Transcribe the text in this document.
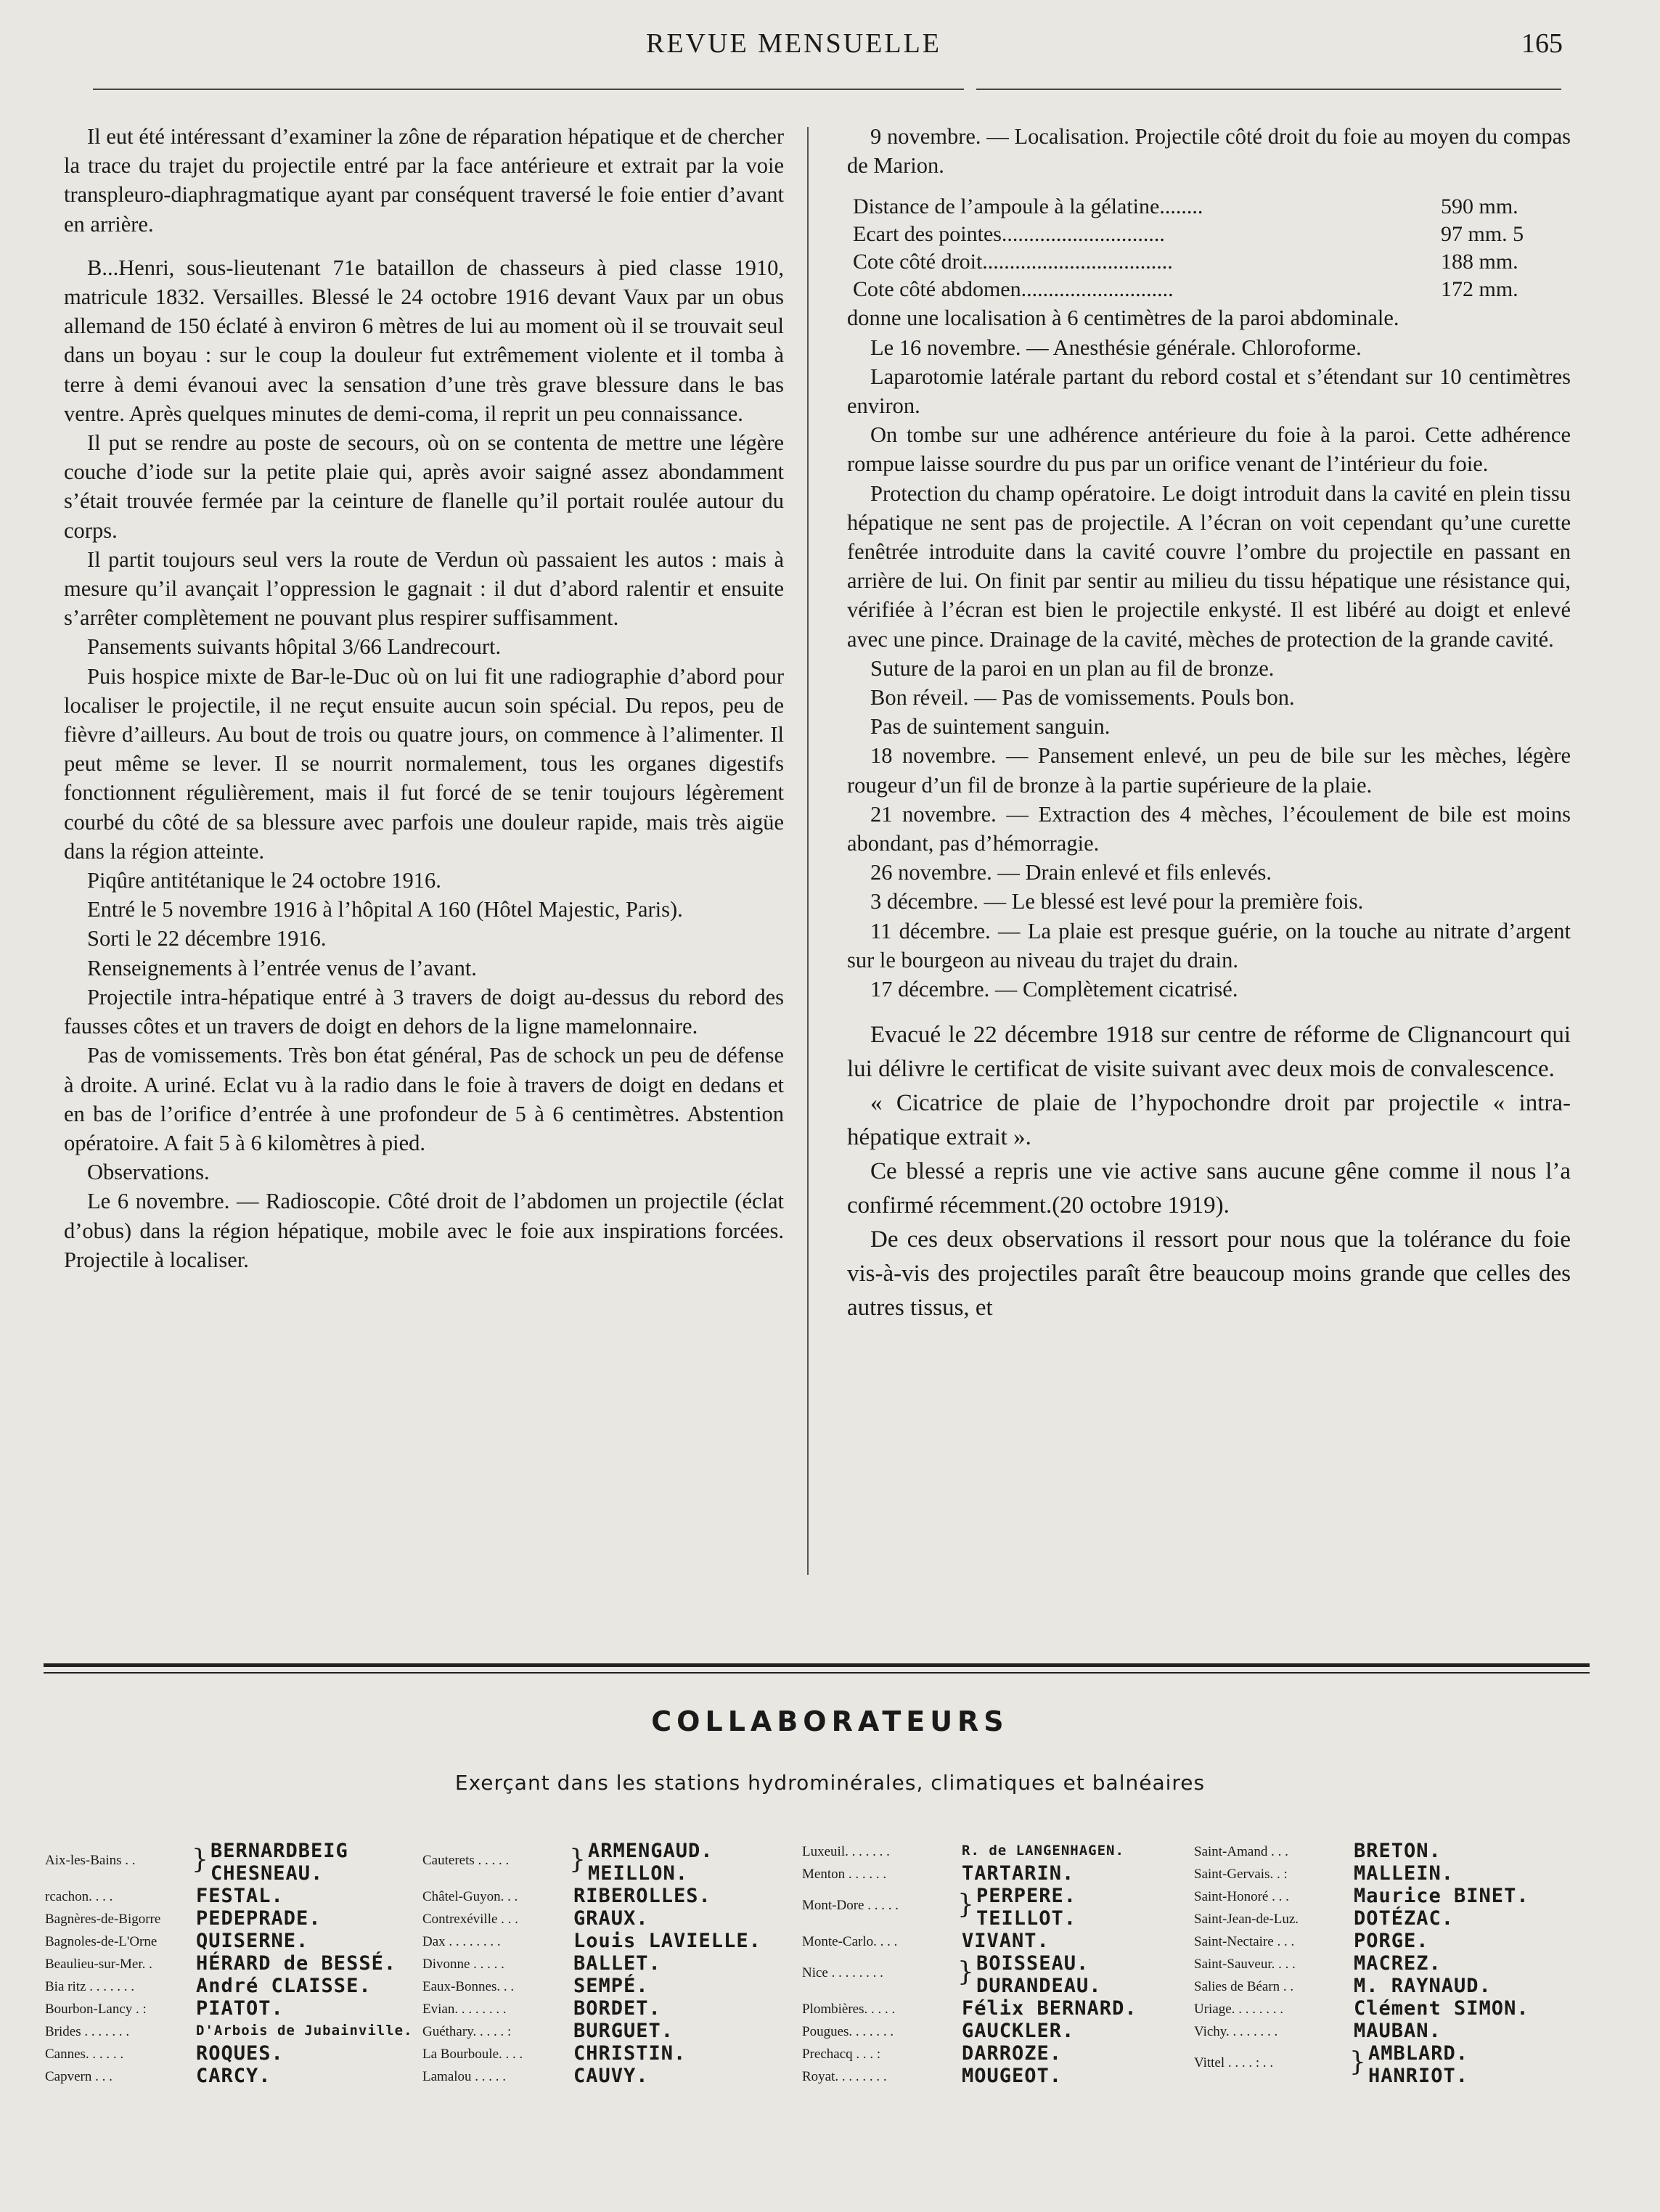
REVUE MENSUELLE	165

Il eut été intéressant d’examiner la zône de réparation hépatique et de chercher la trace du trajet du projectile entré par la face antérieure et extrait par la voie transpleuro-diaphragmatique ayant par conséquent traversé le foie entier d’avant en arrière.

B...Henri, sous-lieutenant 71e bataillon de chasseurs à pied classe 1910, matricule 1832. Versailles. Blessé le 24 octobre 1916 devant Vaux par un obus allemand de 150 éclaté à environ 6 mètres de lui au moment où il se trouvait seul dans un boyau : sur le coup la douleur fut extrêmement violente et il tomba à terre à demi évanoui avec la sensation d’une très grave blessure dans le bas ventre. Après quelques minutes de demi-coma, il reprit un peu connaissance.

Il put se rendre au poste de secours, où on se contenta de mettre une légère couche d’iode sur la petite plaie qui, après avoir saigné assez abondamment s’était trouvée fermée par la ceinture de flanelle qu’il portait roulée autour du corps.

Il partit toujours seul vers la route de Verdun où passaient les autos : mais à mesure qu’il avançait l’oppression le gagnait : il dut d’abord ralentir et ensuite s’arrêter complètement ne pouvant plus respirer suffisamment.

Pansements suivants hôpital 3/66 Landrecourt.

Puis hospice mixte de Bar-le-Duc où on lui fit une radiographie d’abord pour localiser le projectile, il ne reçut ensuite aucun soin spécial. Du repos, peu de fièvre d’ailleurs. Au bout de trois ou quatre jours, on commence à l’alimenter. Il peut même se lever. Il se nourrit normalement, tous les organes digestifs fonctionnent régulièrement, mais il fut forcé de se tenir toujours légèrement courbé du côté de sa blessure avec parfois une douleur rapide, mais très aigüe dans la région atteinte.

Piqûre antitétanique le 24 octobre 1916.

Entré le 5 novembre 1916 à l’hôpital A 160 (Hôtel Majestic, Paris).

Sorti le 22 décembre 1916.

Renseignements à l’entrée venus de l’avant.

Projectile intra-hépatique entré à 3 travers de doigt au-dessus du rebord des fausses côtes et un travers de doigt en dehors de la ligne mamelonnaire.

Pas de vomissements. Très bon état général, Pas de schock un peu de défense à droite. A uriné. Eclat vu à la radio dans le foie à travers de doigt en dedans et en bas de l’orifice d’entrée à une profondeur de 5 à 6 centimètres. Abstention opératoire. A fait 5 à 6 kilomètres à pied.

Observations.

Le 6 novembre. — Radioscopie. Côté droit de l’abdomen un projectile (éclat d’obus) dans la région hépatique, mobile avec le foie aux inspirations forcées. Projectile à localiser.

9 novembre. — Localisation. Projectile côté droit du foie au moyen du compas de Marion.

Distance de l’ampoule à la gélatine........	590 mm.
Ecart des pointes..............................	97 mm. 5
Cote côté droit...................................	188 mm.
Cote côté abdomen............................	172 mm.

donne une localisation à 6 centimètres de la paroi abdominale.

Le 16 novembre. — Anesthésie générale. Chloroforme.

Laparotomie latérale partant du rebord costal et s’étendant sur 10 centimètres environ.

On tombe sur une adhérence antérieure du foie à la paroi. Cette adhérence rompue laisse sourdre du pus par un orifice venant de l’intérieur du foie.

Protection du champ opératoire. Le doigt introduit dans la cavité en plein tissu hépatique ne sent pas de projectile. A l’écran on voit cependant qu’une curette fenêtrée introduite dans la cavité couvre l’ombre du projectile en passant en arrière de lui. On finit par sentir au milieu du tissu hépatique une résistance qui, vérifiée à l’écran est bien le projectile enkysté. Il est libéré au doigt et enlevé avec une pince. Drainage de la cavité, mèches de protection de la grande cavité.

Suture de la paroi en un plan au fil de bronze.

Bon réveil. — Pas de vomissements. Pouls bon.

Pas de suintement sanguin.

18 novembre. — Pansement enlevé, un peu de bile sur les mèches, légère rougeur d’un fil de bronze à la partie supérieure de la plaie.

21 novembre. — Extraction des 4 mèches, l’écoulement de bile est moins abondant, pas d’hémorragie.

26 novembre. — Drain enlevé et fils enlevés.

3 décembre. — Le blessé est levé pour la première fois.

11 décembre. — La plaie est presque guérie, on la touche au nitrate d’argent sur le bourgeon au niveau du trajet du drain.

17 décembre. — Complètement cicatrisé.

Evacué le 22 décembre 1918 sur centre de réforme de Clignancourt qui lui délivre le certificat de visite suivant avec deux mois de convalescence.

« Cicatrice de plaie de l’hypochondre droit par projectile « intra-hépatique extrait ».

Ce blessé a repris une vie active sans aucune gêne comme il nous l’a confirmé récemment.(20 octobre 1919).

De ces deux observations il ressort pour nous que la tolérance du foie vis-à-vis des projectiles paraît être beaucoup moins grande que celles des autres tissus, et

COLLABORATEURS
Exerçant dans les stations hydrominérales, climatiques et balnéaires
Aix-les-Bains . . } BERNARDBEIG
CHESNEAU.
rcachon. . . .	FESTAL.
Bagnères-de-Bigorre PEDEPRADE.
Bagnoles-de-L'Orne QUISERNE.
Beaulieu-sur-Mer. . HÉRARD de BESSÉ.
Bia ritz . . . . . . .	André CLAISSE.
Bourbon-Lancy . :	PIATOT.
Brides . . . . . . .	D'Arbois de Jubainville.
Cannes. . . . . .	ROQUES.
Capvern . . .	CARCY.
Cauterets . . . . . } ARMENGAUD.
MEILLON.
Châtel-Guyon. . .	RIBEROLLES.
Contrexéville . . .	GRAUX.
Dax . . . . . . . .	Louis LAVIELLE.
Divonne . . . . .	BALLET.
Eaux-Bonnes. . .	SEMPÉ.
Evian. . . . . . . .	BORDET.
Guéthary. . . . . :	BURGUET.
La Bourboule. . . .	CHRISTIN.
Lamalou . . . . .	CAUVY.
Luxeuil. . . . . . .	R. de LANGENHAGEN.
Menton . . . . . .	TARTARIN.
Mont-Dore . . . . . } PERPERE.
TEILLOT.
Monte-Carlo. . . .	VIVANT.
Nice . . . . . . . .	} BOISSEAU.
DURANDEAU.
Plombières. . . . .	Félix BERNARD.
Pougues. . . . . . .	GAUCKLER.
Prechacq . . . :	DARROZE.
Royat. . . . . . . .	MOUGEOT.
Saint-Amand . . .	BRETON.
Saint-Gervais. . :	MALLEIN.
Saint-Honoré . . .	Maurice BINET.
Saint-Jean-de-Luz.	DOTÉZAC.
Saint-Nectaire . . .	PORGE.
Saint-Sauveur. . . .	MACREZ.
Salies de Béarn . .	M. RAYNAUD.
Uriage. . . . . . . .	Clément SIMON.
Vichy. . . . . . . .	MAUBAN.
Vittel . . . . : . .	} AMBLARD.
HANRIOT.
